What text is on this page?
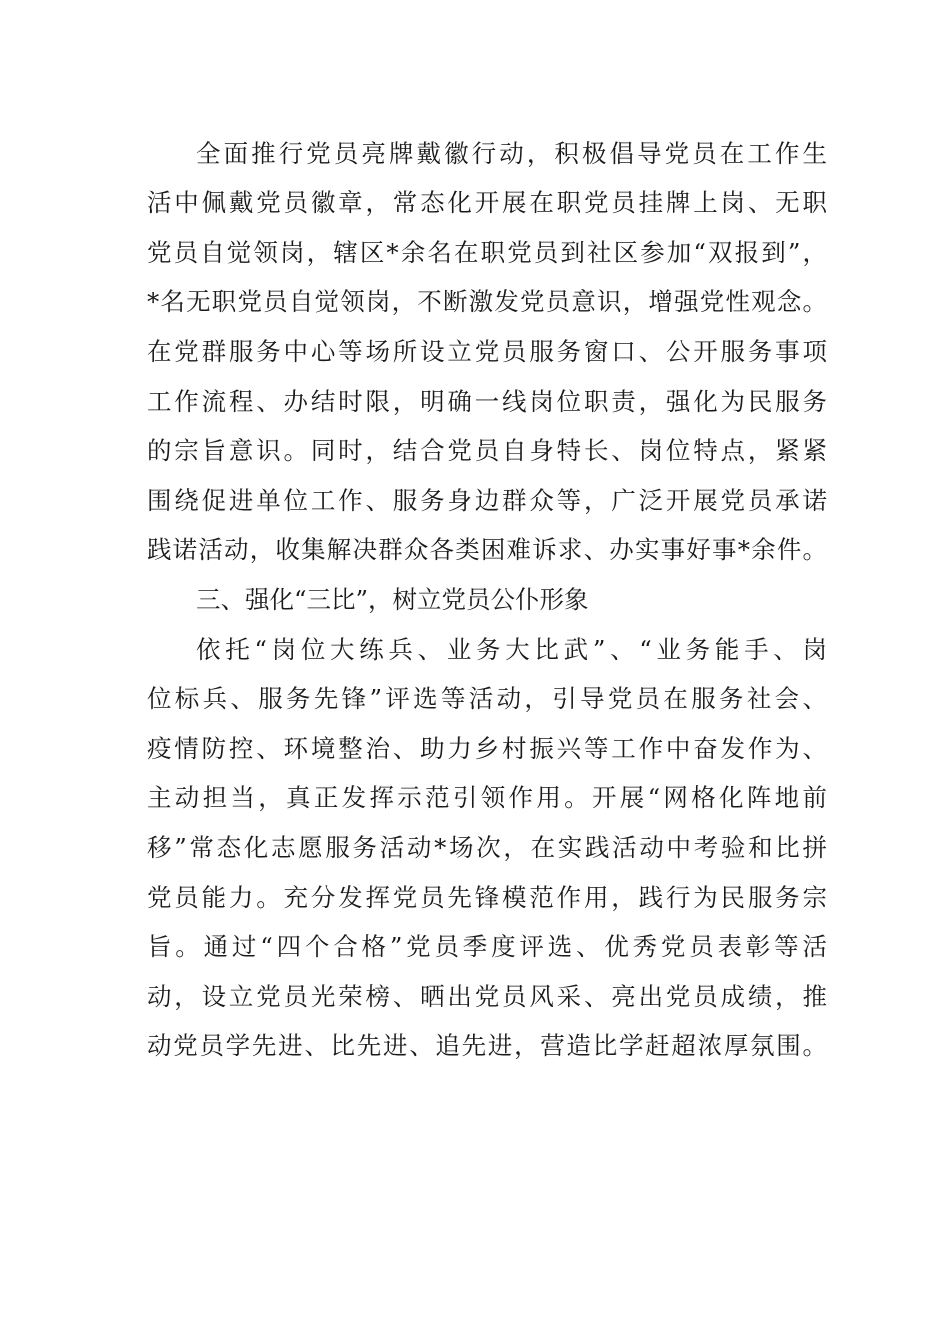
全面推行党员亮牌戴徽行动，积极倡导党员在工作生
活中佩戴党员徽章，常态化开展在职党员挂牌上岗、无职
党员自觉领岗，辖区*余名在职党员到社区参加“双报到”，
*名无职党员自觉领岗，不断激发党员意识，增强党性观念。
在党群服务中心等场所设立党员服务窗口、公开服务事项
工作流程、办结时限，明确一线岗位职责，强化为民服务
的宗旨意识。同时，结合党员自身特长、岗位特点，紧紧
围绕促进单位工作、服务身边群众等，广泛开展党员承诺
践诺活动，收集解决群众各类困难诉求、办实事好事*余件。
三、强化“三比”，树立党员公仆形象
依托“岗位大练兵、业务大比武”、“业务能手、岗
位标兵、服务先锋”评选等活动，引导党员在服务社会、
疫情防控、环境整治、助力乡村振兴等工作中奋发作为、
主动担当，真正发挥示范引领作用。开展“网格化阵地前
移”常态化志愿服务活动*场次，在实践活动中考验和比拼
党员能力。充分发挥党员先锋模范作用，践行为民服务宗
旨。通过“四个合格”党员季度评选、优秀党员表彰等活
动，设立党员光荣榜、晒出党员风采、亮出党员成绩，推
动党员学先进、比先进、追先进，营造比学赶超浓厚氛围。
